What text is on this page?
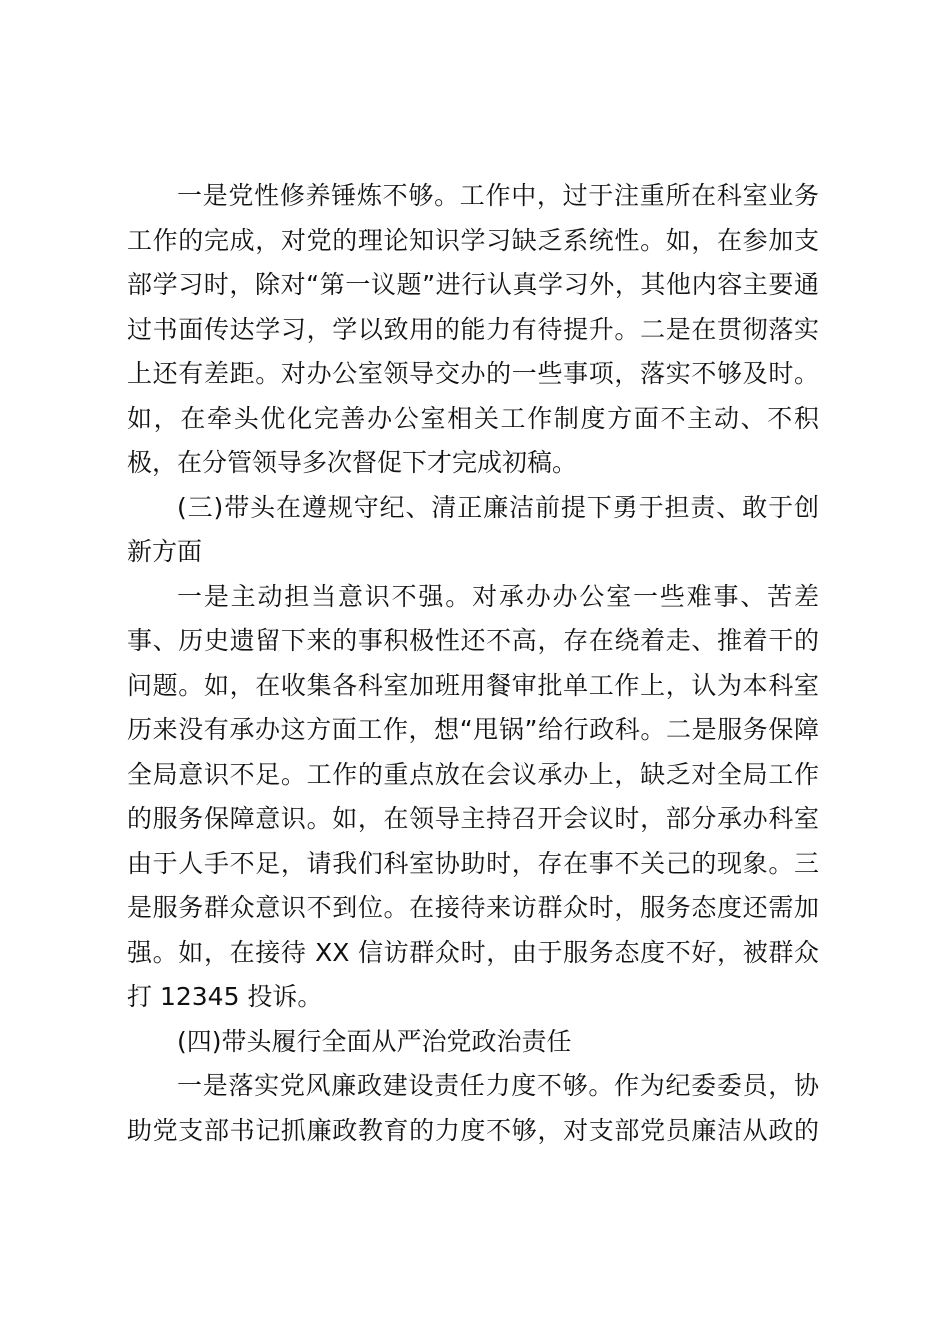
一是党性修养锤炼不够。工作中，过于注重所在科室业务
工作的完成，对党的理论知识学习缺乏系统性。如，在参加支
部学习时，除对“第一议题”进行认真学习外，其他内容主要通
过书面传达学习，学以致用的能力有待提升。二是在贯彻落实
上还有差距。对办公室领导交办的一些事项，落实不够及时。
如，在牵头优化完善办公室相关工作制度方面不主动、不积
极，在分管领导多次督促下才完成初稿。
(三)带头在遵规守纪、清正廉洁前提下勇于担责、敢于创
新方面
一是主动担当意识不强。对承办办公室一些难事、苦差
事、历史遗留下来的事积极性还不高，存在绕着走、推着干的
问题。如，在收集各科室加班用餐审批单工作上，认为本科室
历来没有承办这方面工作，想“甩锅”给行政科。二是服务保障
全局意识不足。工作的重点放在会议承办上，缺乏对全局工作
的服务保障意识。如，在领导主持召开会议时，部分承办科室
由于人手不足，请我们科室协助时，存在事不关己的现象。三
是服务群众意识不到位。在接待来访群众时，服务态度还需加
强。如，在接待 XX 信访群众时，由于服务态度不好，被群众
打 12345 投诉。
(四)带头履行全面从严治党政治责任
一是落实党风廉政建设责任力度不够。作为纪委委员，协
助党支部书记抓廉政教育的力度不够，对支部党员廉洁从政的
